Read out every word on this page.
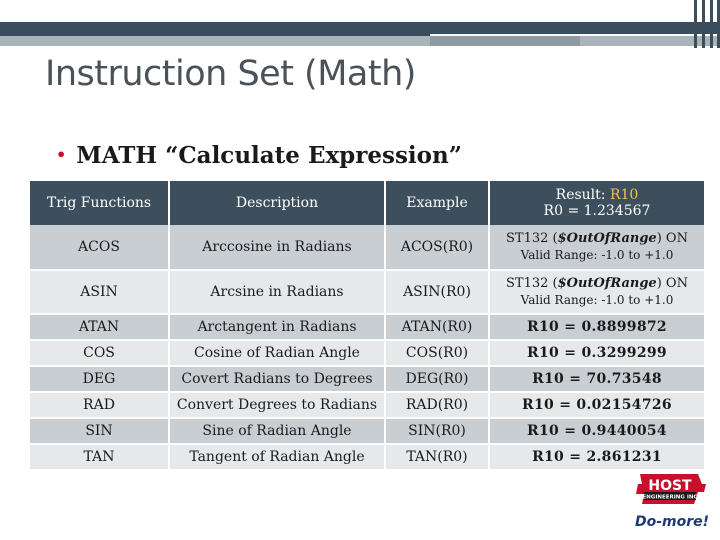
Instruction Set (Math)
• MATH “Calculate Expression”
Trig Functions	Description	Example	Result: R10
R0 = 1.234567
ACOS	Arccosine in Radians	ACOS(R0)	ST132 ($OutOfRange) ON
Valid Range: -1.0 to +1.0
ASIN	Arcsine in Radians	ASIN(R0)	ST132 ($OutOfRange) ON
Valid Range: -1.0 to +1.0
ATAN	Arctangent in Radians	ATAN(R0)	R10 = 0.8899872
COS	Cosine of Radian Angle	COS(R0)	R10 = 0.3299299
DEG	Covert Radians to Degrees	DEG(R0)	R10 = 70.73548
RAD	Convert Degrees to Radians	RAD(R0)	R10 = 0.02154726
SIN	Sine of Radian Angle	SIN(R0)	R10 = 0.9440054
TAN	Tangent of Radian Angle	TAN(R0)	R10 = 2.861231
HOST
ENGINEERING INC
Do-more!
